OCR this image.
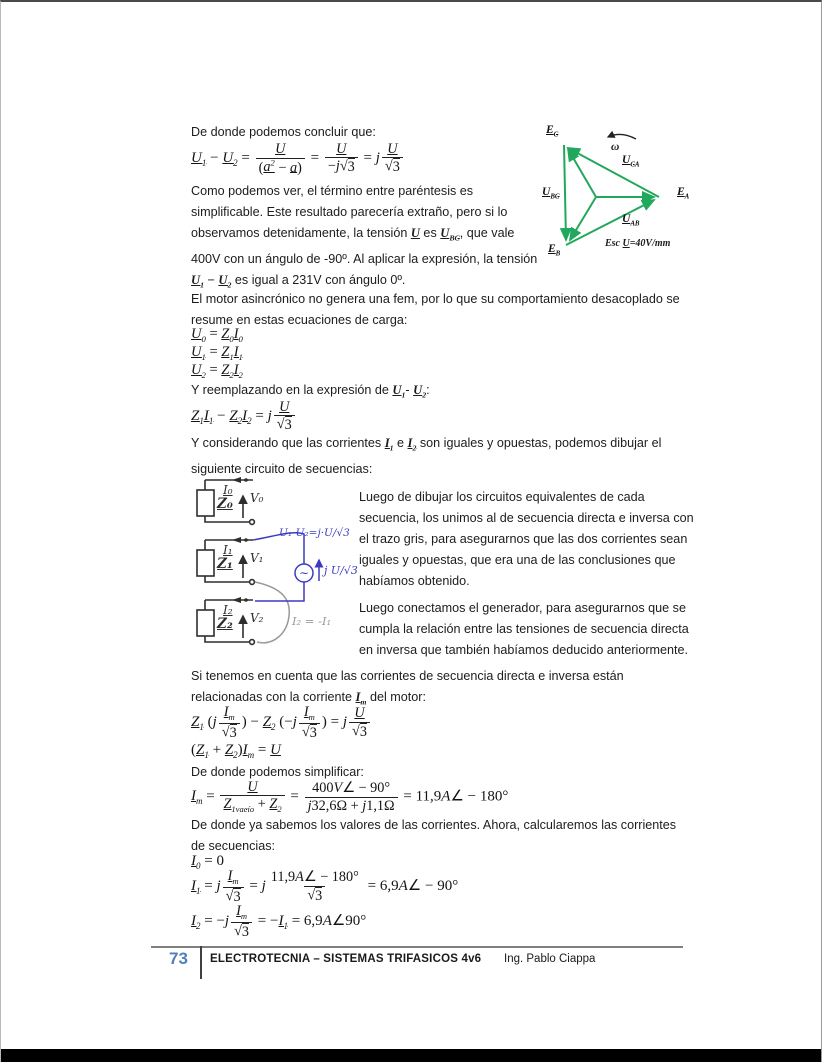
De donde podemos concluir que:
$U_1 - U_2 = \frac{U}{(a^2 - a)} = \frac{U}{-j √ 3} = j \frac{U}{√ 3}$
Como podemos ver, el término entre paréntesis es simplificable. Este resultado parecería extraño, pero si lo observamos detenidamente, la tensión U es $U_{BC}$, que vale 400V con un ángulo de -90º. Al aplicar la expresión, la tensión $U_1 - U_2$ es igual a 231V con ángulo 0º.
$E_C$
ω
$U_{CA}$
$E_A$
$U_{BC}$
$U_{AB}$
$E_B$
Esc U=40V/mm
El motor asincrónico no genera una fem, por lo que su comportamiento desacoplado se resume en estas ecuaciones de carga:
$U_0 = Z_0I_0$
$U_1 = Z_1I_1$
$U_2 = Z_2I_2$
Y reemplazando en la expresión de $U_1-$ $U_2$:
$Z_1I_1 - Z_2I_2 = j \frac{U}{√ 3}$
Y considerando que las corrientes $I_1$ e $I_2$ son iguales y opuestas, podemos dibujar el siguiente circuito de secuencias:
∼
I₀
V₀
Z₀
I₁
V₁
Z₁
I₂
V₂
Z₂
U₁-U₂=j·U/√3
j U/√3
I₂ = -I₁
Luego de dibujar los circuitos equivalentes de cada secuencia, los unimos al de secuencia directa e inversa con el trazo gris, para asegurarnos que las dos corrientes sean iguales y opuestas, que era una de las conclusiones que habíamos obtenido.
Luego conectamos el generador, para asegurarnos que se cumpla la relación entre las tensiones de secuencia directa en inversa que también habíamos deducido anteriormente.
Si tenemos en cuenta que las corrientes de secuencia directa e inversa están relacionadas con la corriente $I_m$ del motor:
$Z_1$ ($j \frac{I_m}{√ 3}$ ) − $Z_2$ ($-j \frac{I_m}{√ 3}$ ) = j $\frac{U}{√ 3}$
$(Z_1 + Z_2)I_m = U$
De donde podemos simplificar:
$I_m$ =
U
$Z_{1vacío} + Z_2$
= $\frac{400V\angle - 90^\circ}{j32,6\Omega + j1,1\Omega}$ = 11,9A∠ − 180°
De donde ya sabemos los valores de las corrientes. Ahora, calcularemos las corrientes de secuencias:
$I_0 = 0$
$I_1 = j \frac{I_m}{√ 3} = j \frac{11,9A\angle - 180^\circ}{√ 3}$ = 6,9A∠ − 90°
$I_2 = -j \frac{I_m}{√ 3} = -I_1$ = 6,9A∠90°
73 ELECTROTECNIA – SISTEMAS TRIFASICOS 4v6 Ing. Pablo Ciappa
